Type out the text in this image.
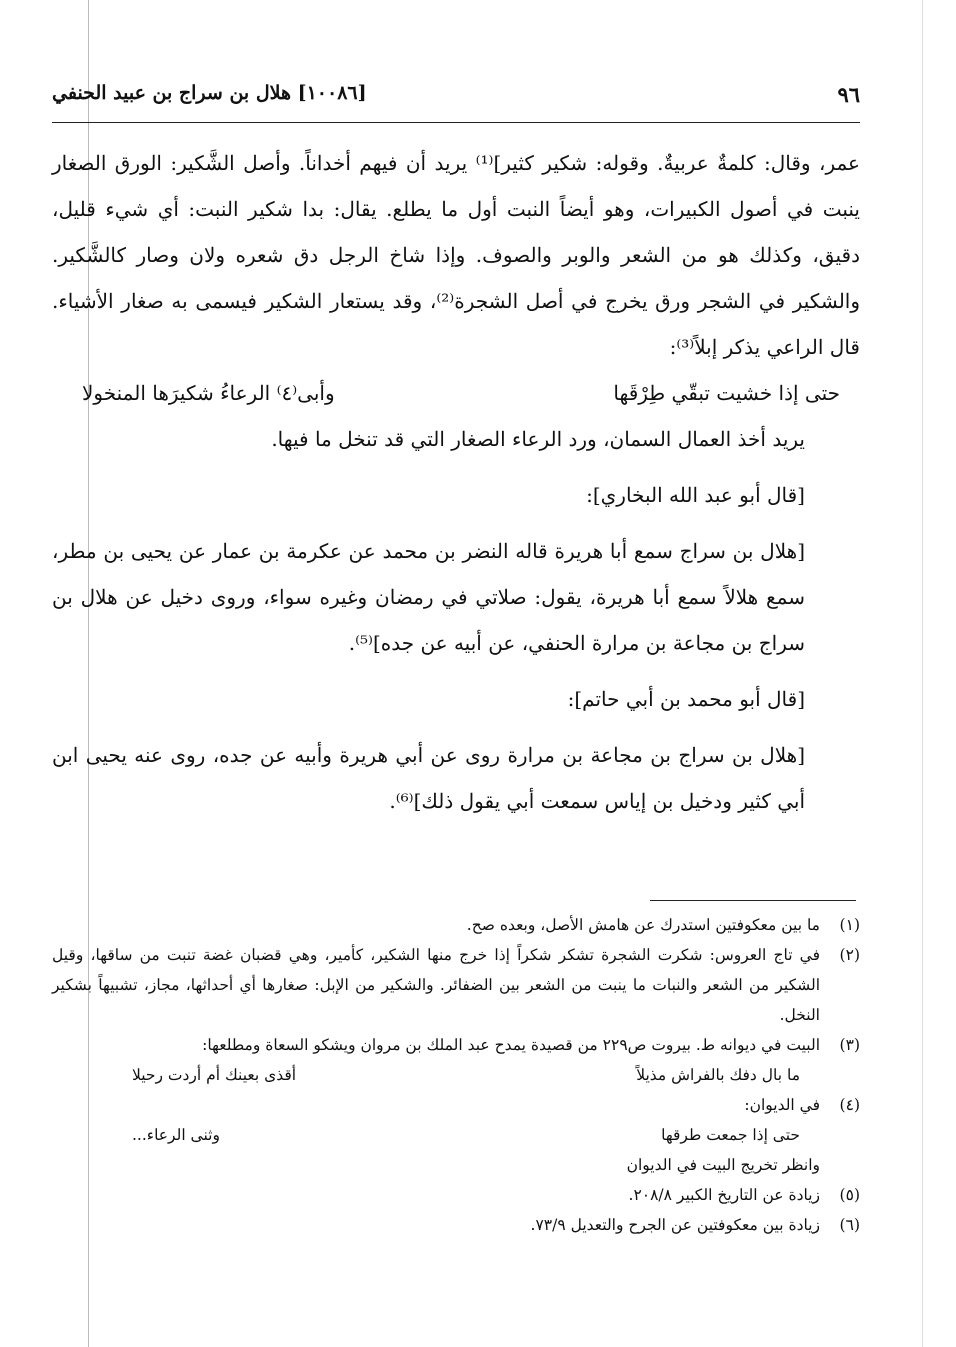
٩٦
[١٠٠٨٦] هلال بن سراج بن عبيد الحنفي

عمر، وقال: كلمةٌ عربيةٌ. وقوله: شكير كثير]⁽¹⁾ يريد أن فيهم أخداناً. وأصل الشَّكير: الورق الصغار ينبت في أصول الكبيرات، وهو أيضاً النبت أول ما يطلع. يقال: بدا شكير النبت: أي شيء قليل، دقيق، وكذلك هو من الشعر والوبر والصوف. وإذا شاخ الرجل دق شعره ولان وصار كالشَّكير. والشكير في الشجر ورق يخرج في أصل الشجرة⁽²⁾، وقد يستعار الشكير فيسمى به صغار الأشياء. قال الراعي يذكر إبلاً⁽³⁾:

حتى إذا خشيت تبقّي طِرْقَها
وأبى⁽٤⁾ الرعاءُ شكيرَها المنخولا

يريد أخذ العمال السمان، ورد الرعاء الصغار التي قد تنخل ما فيها.

[قال أبو عبد الله البخاري]:

[هلال بن سراج سمع أبا هريرة قاله النضر بن محمد عن عكرمة بن عمار عن يحيى بن مطر، سمع هلالاً سمع أبا هريرة، يقول: صلاتي في رمضان وغيره سواء، وروى دخيل عن هلال بن سراج بن مجاعة بن مرارة الحنفي، عن أبيه عن جده]⁽⁵⁾.

[قال أبو محمد بن أبي حاتم]:

[هلال بن سراج بن مجاعة بن مرارة روى عن أبي هريرة وأبيه عن جده، روى عنه يحيى ابن أبي كثير ودخيل بن إياس سمعت أبي يقول ذلك]⁽⁶⁾.

(١)

ما بين معكوفتين استدرك عن هامش الأصل، وبعده صح.

(٢)

في تاج العروس: شكرت الشجرة تشكر شكراً إذا خرج منها الشكير، كأمير، وهي قضبان غضة تنبت من ساقها، وقيل الشكير من الشعر والنبات ما ينبت من الشعر بين الضفائر. والشكير من الإبل: صغارها أي أحداثها، مجاز، تشبيهاً بشكير النخل.

(٣)

البيت في ديوانه ط. بيروت ص٢٢٩ من قصيدة يمدح عبد الملك بن مروان ويشكو السعاة ومطلعها:

ما بال دفك بالفراش مذيلاً
أقذى بعينك أم أردت رحيلا
(٤)

في الديوان:

حتى إذا جمعت طرقها
وثنى الرعاء...

وانظر تخريج البيت في الديوان

(٥)

زيادة عن التاريخ الكبير ٢٠٨/٨.

(٦)

زيادة بين معكوفتين عن الجرح والتعديل ٧٣/٩.
